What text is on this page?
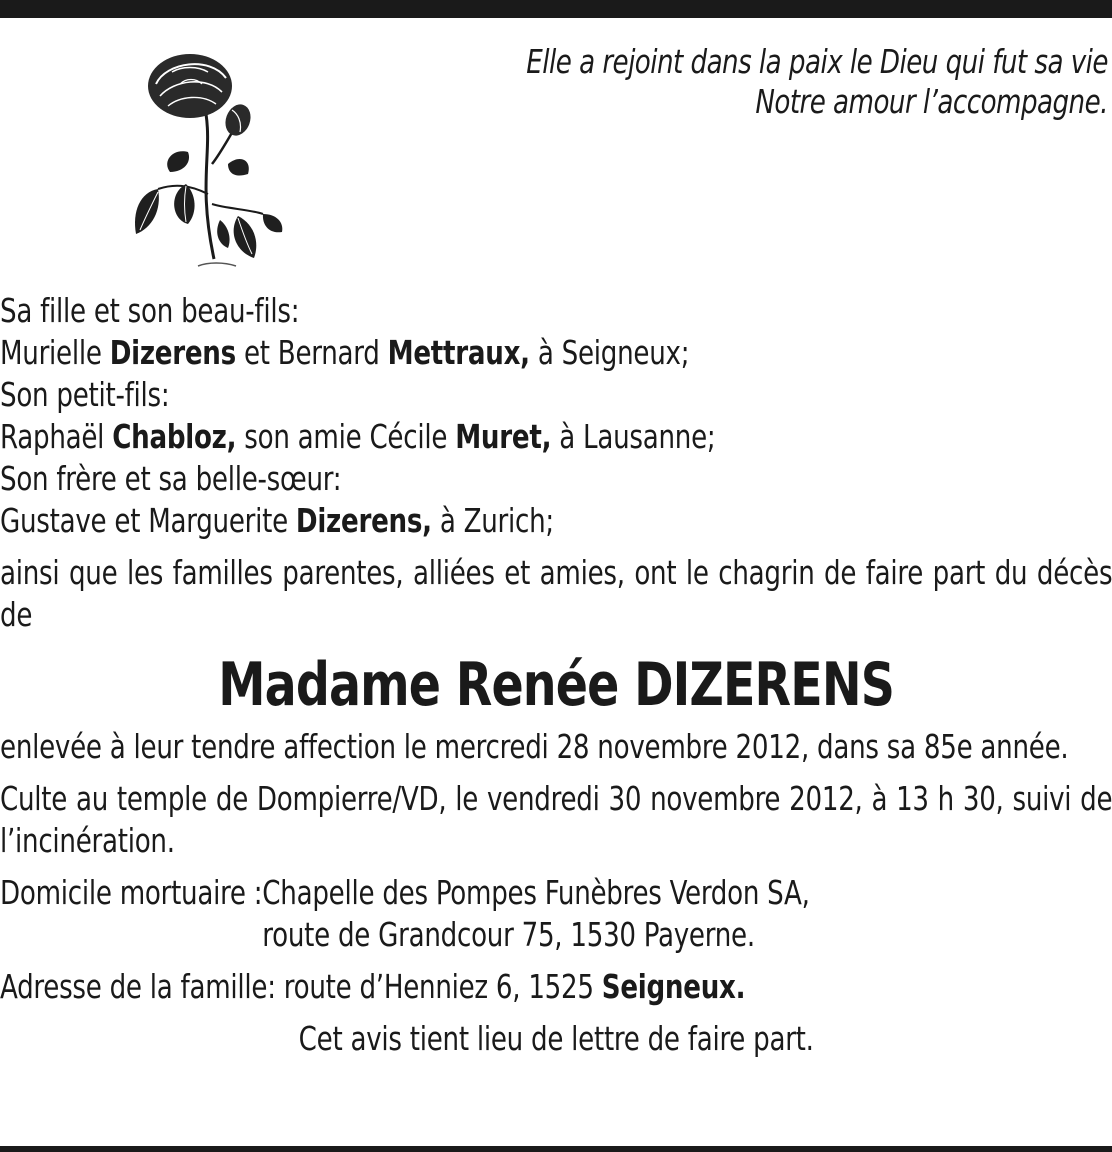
Elle a rejoint dans la paix le Dieu qui fut sa vie
Notre amour l’accompagne.

Sa fille et son beau-fils:

Murielle Dizerens et Bernard Mettraux, à Seigneux;

Son petit-fils:

Raphaël Chabloz, son amie Cécile Muret, à Lausanne;

Son frère et sa belle-sœur:

Gustave et Marguerite Dizerens, à Zurich;

ainsi que les familles parentes, alliées et amies, ont le chagrin de faire part du décès de

Madame Renée DIZERENS

enlevée à leur tendre affection le mercredi 28 novembre 2012, dans sa 85e année.

Culte au temple de Dompierre/VD, le vendredi 30 novembre 2012, à 13 h 30, suivi de l’incinération.

Domicile mortuaire : Chapelle des Pompes Funèbres Verdon SA,
route de Grandcour 75, 1530 Payerne.

Adresse de la famille: route d’Henniez 6, 1525 Seigneux.

Cet avis tient lieu de lettre de faire part.
